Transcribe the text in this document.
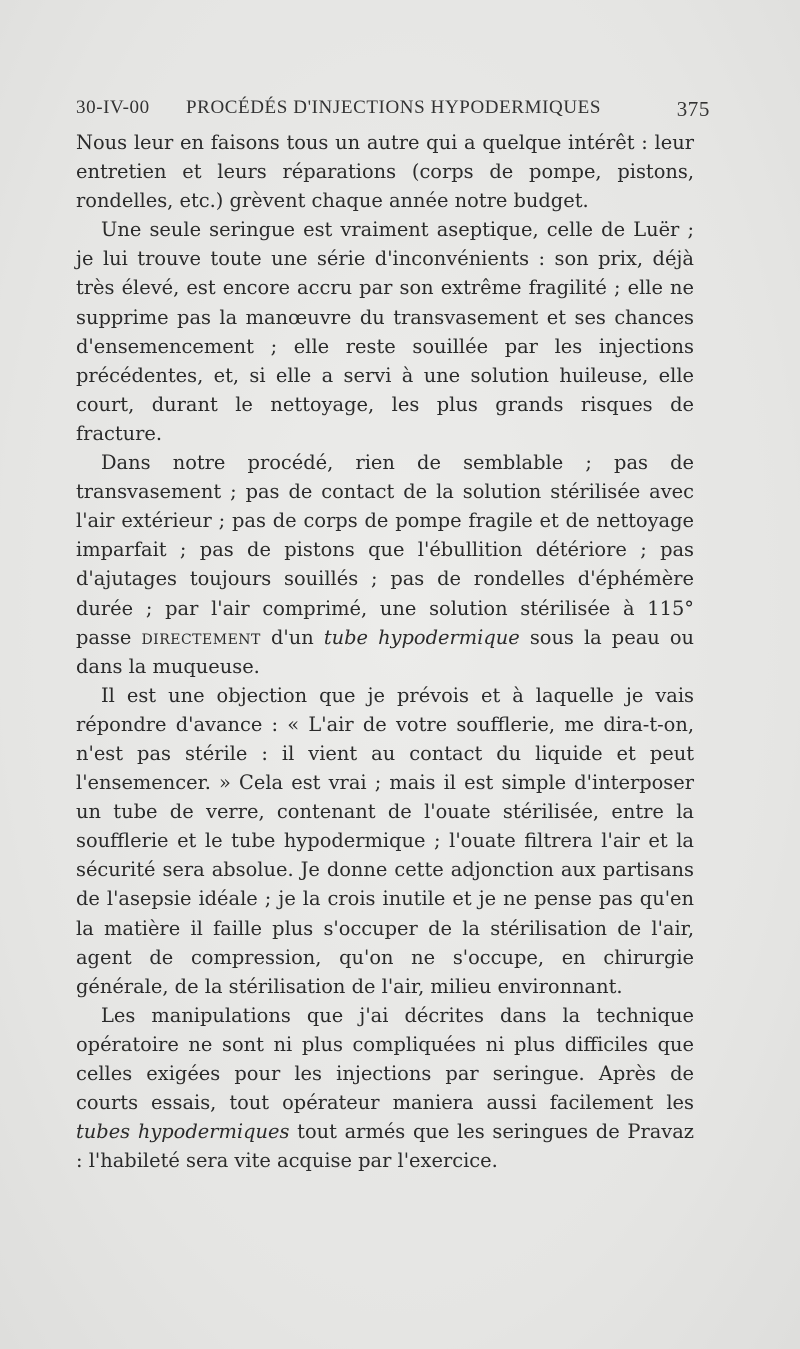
30-IV-00 PROCÉDÉS D'INJECTIONS HYPODERMIQUES	375

Nous leur en faisons tous un autre qui a quelque intérêt : leur entretien et leurs réparations (corps de pompe, pistons, rondelles, etc.) grèvent chaque année notre budget.

Une seule seringue est vraiment aseptique, celle de Luër ; je lui trouve toute une série d'inconvénients : son prix, déjà très élevé, est encore accru par son extrême fragilité ; elle ne supprime pas la manœuvre du transvasement et ses chances d'ensemencement ; elle reste souillée par les injections précédentes, et, si elle a servi à une solution huileuse, elle court, durant le nettoyage, les plus grands risques de fracture.

Dans notre procédé, rien de semblable ; pas de transvasement ; pas de contact de la solution stérilisée avec l'air extérieur ; pas de corps de pompe fragile et de nettoyage imparfait ; pas de pistons que l'ébullition détériore ; pas d'ajutages toujours souillés ; pas de rondelles d'éphémère durée ; par l'air comprimé, une solution stérilisée à 115° passe directement d'un tube hypodermique sous la peau ou dans la muqueuse.

Il est une objection que je prévois et à laquelle je vais répondre d'avance : « L'air de votre soufflerie, me dira-t-on, n'est pas stérile : il vient au contact du liquide et peut l'ensemencer. » Cela est vrai ; mais il est simple d'interposer un tube de verre, contenant de l'ouate stérilisée, entre la soufflerie et le tube hypodermique ; l'ouate filtrera l'air et la sécurité sera absolue. Je donne cette adjonction aux partisans de l'asepsie idéale ; je la crois inutile et je ne pense pas qu'en la matière il faille plus s'occuper de la stérilisation de l'air, agent de compression, qu'on ne s'occupe, en chirurgie générale, de la stérilisation de l'air, milieu environnant.

Les manipulations que j'ai décrites dans la technique opératoire ne sont ni plus compliquées ni plus difficiles que celles exigées pour les injections par seringue. Après de courts essais, tout opérateur maniera aussi facilement les tubes hypodermiques tout armés que les seringues de Pravaz : l'habileté sera vite acquise par l'exercice.
